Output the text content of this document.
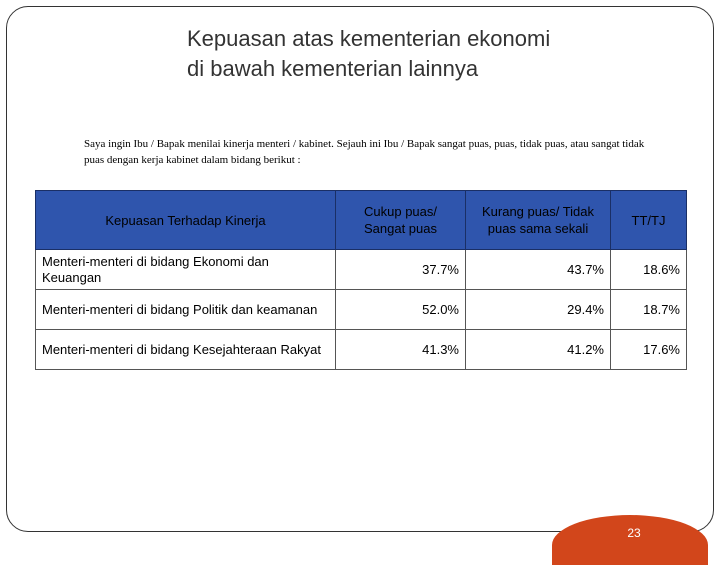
Kepuasan atas kementerian ekonomi
di bawah kementerian lainnya
Saya ingin Ibu / Bapak menilai kinerja menteri / kabinet. Sejauh ini Ibu / Bapak sangat puas, puas, tidak puas, atau sangat tidak puas dengan kerja kabinet dalam bidang berikut :
Kepuasan Terhadap Kinerja	Cukup puas/ Sangat puas	Kurang puas/ Tidak puas sama sekali	TT/TJ
Menteri-menteri di bidang Ekonomi dan Keuangan	37.7%	43.7%	18.6%
Menteri-menteri di bidang Politik dan keamanan	52.0%	29.4%	18.7%
Menteri-menteri di bidang Kesejahteraan Rakyat	41.3%	41.2%	17.6%
23
